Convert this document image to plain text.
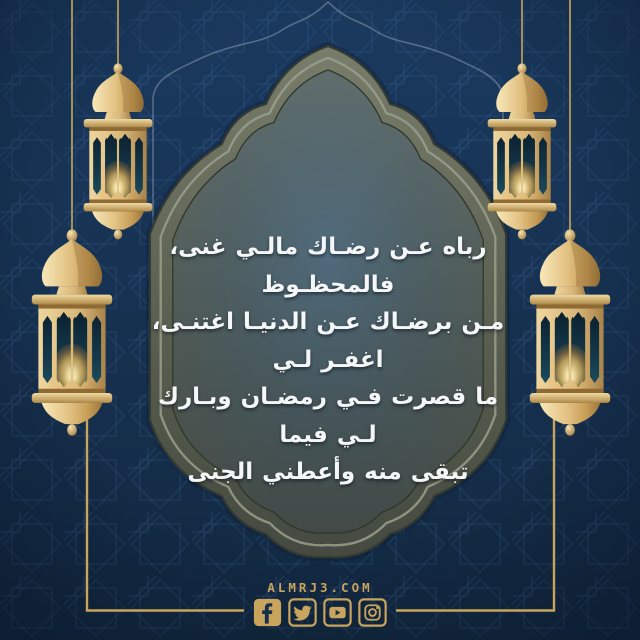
رباه عـن رضـاك مالـي غنى، فالمحظـوظ
مـن برضـاك عـن الدنيـا اغتنـى، اغفـر لـي
ما قصرت فـي رمضـان وبـارك لـي فيما
تبقى منه وأعطني الجنى
ALMRJ3.COM
